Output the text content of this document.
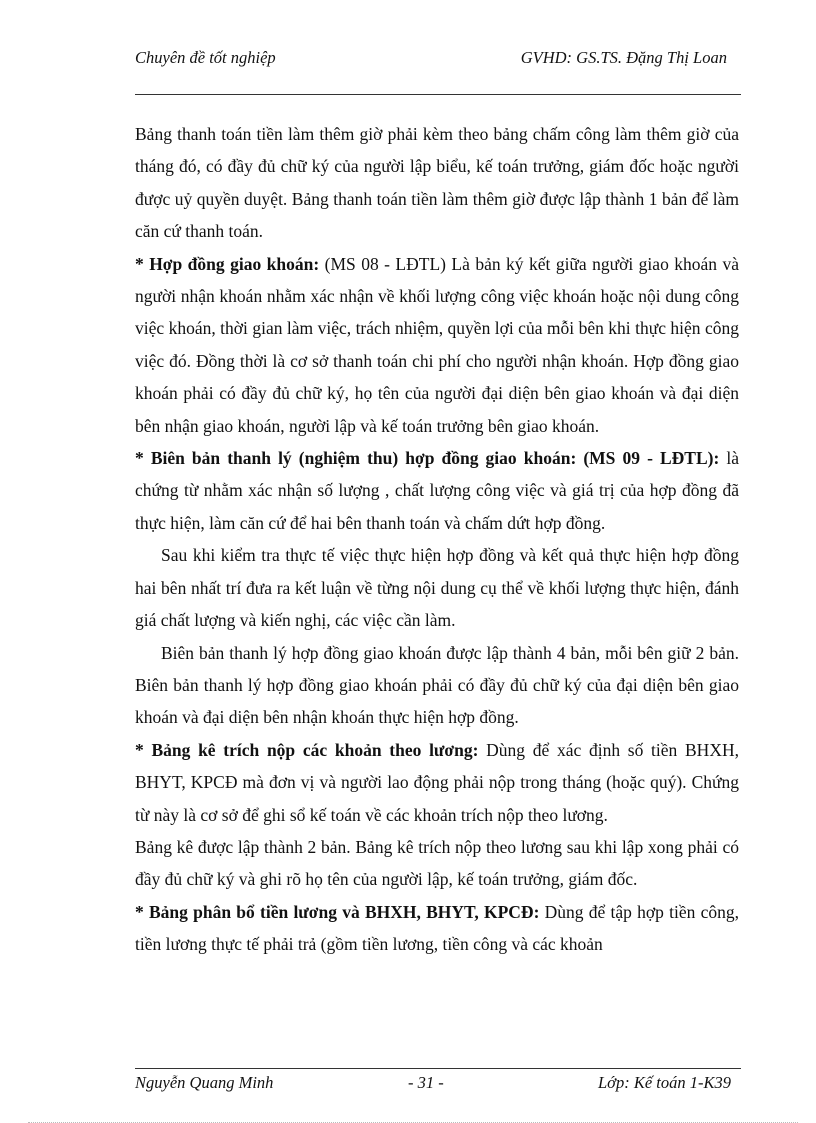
Chuyên đề tốt nghiệp	GVHD: GS.TS. Đặng Thị Loan

Bảng thanh toán tiền làm thêm giờ phải kèm theo bảng chấm công làm thêm giờ của tháng đó, có đầy đủ chữ ký của người lập biểu, kế toán trưởng, giám đốc hoặc người được uỷ quyền duyệt. Bảng thanh toán tiền làm thêm giờ được lập thành 1 bản để làm căn cứ thanh toán.

* Hợp đồng giao khoán: (MS 08 - LĐTL) Là bản ký kết giữa người giao khoán và người nhận khoán nhằm xác nhận về khối lượng công việc khoán hoặc nội dung công việc khoán, thời gian làm việc, trách nhiệm, quyền lợi của mỗi bên khi thực hiện công việc đó. Đồng thời là cơ sở thanh toán chi phí cho người nhận khoán. Hợp đồng giao khoán phải có đầy đủ chữ ký, họ tên của người đại diện bên giao khoán và đại diện bên nhận giao khoán, người lập và kế toán trưởng bên giao khoán.

* Biên bản thanh lý (nghiệm thu) hợp đồng giao khoán: (MS 09 - LĐTL): là chứng từ nhằm xác nhận số lượng , chất lượng công việc và giá trị của hợp đồng đã thực hiện, làm căn cứ để hai bên thanh toán và chấm dứt hợp đồng.

Sau khi kiểm tra thực tế việc thực hiện hợp đồng và kết quả thực hiện hợp đồng hai bên nhất trí đưa ra kết luận về từng nội dung cụ thể về khối lượng thực hiện, đánh giá chất lượng và kiến nghị, các việc cần làm.

Biên bản thanh lý hợp đồng giao khoán được lập thành 4 bản, mỗi bên giữ 2 bản. Biên bản thanh lý hợp đồng giao khoán phải có đầy đủ chữ ký của đại diện bên giao khoán và đại diện bên nhận khoán thực hiện hợp đồng.

* Bảng kê trích nộp các khoản theo lương: Dùng để xác định số tiền BHXH, BHYT, KPCĐ mà đơn vị và người lao động phải nộp trong tháng (hoặc quý). Chứng từ này là cơ sở để ghi sổ kế toán về các khoản trích nộp theo lương.

Bảng kê được lập thành 2 bản. Bảng kê trích nộp theo lương sau khi lập xong phải có đầy đủ chữ ký và ghi rõ họ tên của người lập, kế toán trưởng, giám đốc.

* Bảng phân bổ tiền lương và BHXH, BHYT, KPCĐ: Dùng để tập hợp tiền công, tiền lương thực tế phải trả (gồm tiền lương, tiền công và các khoản

Nguyễn Quang Minh	- 31 -	Lớp: Kế toán 1-K39
